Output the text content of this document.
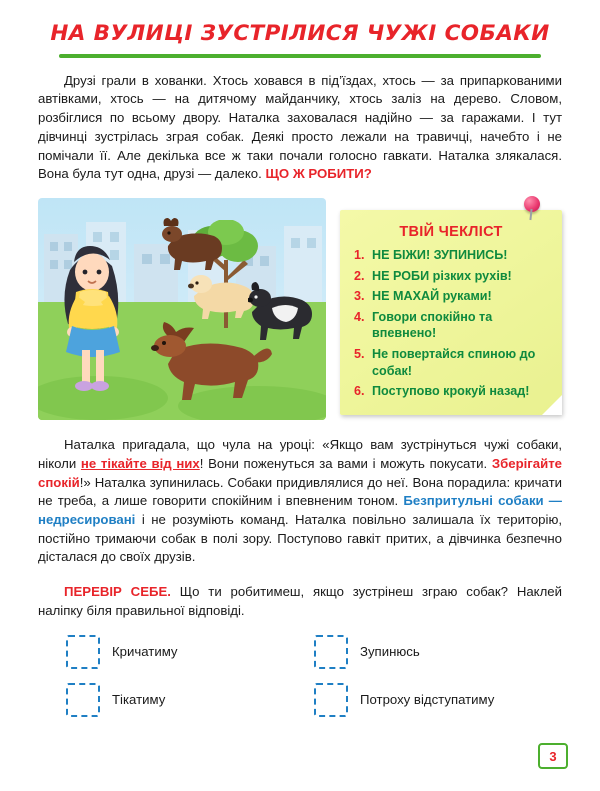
НА ВУЛИЦІ ЗУСТРІЛИСЯ ЧУЖІ СОБАКИ

Друзі грали в хованки. Хтось ховався в під’їздах, хтось — за припаркованими автівками, хтось — на дитячому майданчику, хтось заліз на дерево. Словом, розбіглися по всьому двору. Наталка заховалася надійно — за гаражами. І тут дівчинці зустрілась зграя собак. Деякі просто лежали на травичці, начебто і не помічали її. Але декілька все ж таки почали голосно гавкати. Наталка злякалася. Вона була тут одна, друзі — далеко. ЩО Ж РОБИТИ?

ТВІЙ ЧЕКЛІСТ
НЕ БІЖИ! ЗУПИНИСЬ!
НЕ РОБИ різких рухів!
НЕ МАХАЙ руками!
Говори спокійно та впевнено!
Не повертайся спиною до собак!
Поступово крокуй назад!

Наталка пригадала, що чула на уроці: «Якщо вам зустрінуться чужі собаки, ніколи не тікайте від них! Вони поженуться за вами і можуть покусати. Зберігайте спокій!» Наталка зупинилась. Собаки придивлялися до неї. Вона порадила: кричати не треба, а лише говорити спокійним і впевненим тоном. Безпритульні собаки — недресировані і не розуміють команд. Наталка повільно залишала їх територію, постійно тримаючи собак в полі зору. Поступово гавкіт притих, а дівчинка безпечно дісталася до своїх друзів.

ПЕРЕВІР СЕБЕ. Що ти робитимеш, якщо зустрінеш зграю собак? Наклей наліпку біля правильної відповіді.

Кричатиму	Зупинюсь
Тікатиму	Потроху відступатиму
3
